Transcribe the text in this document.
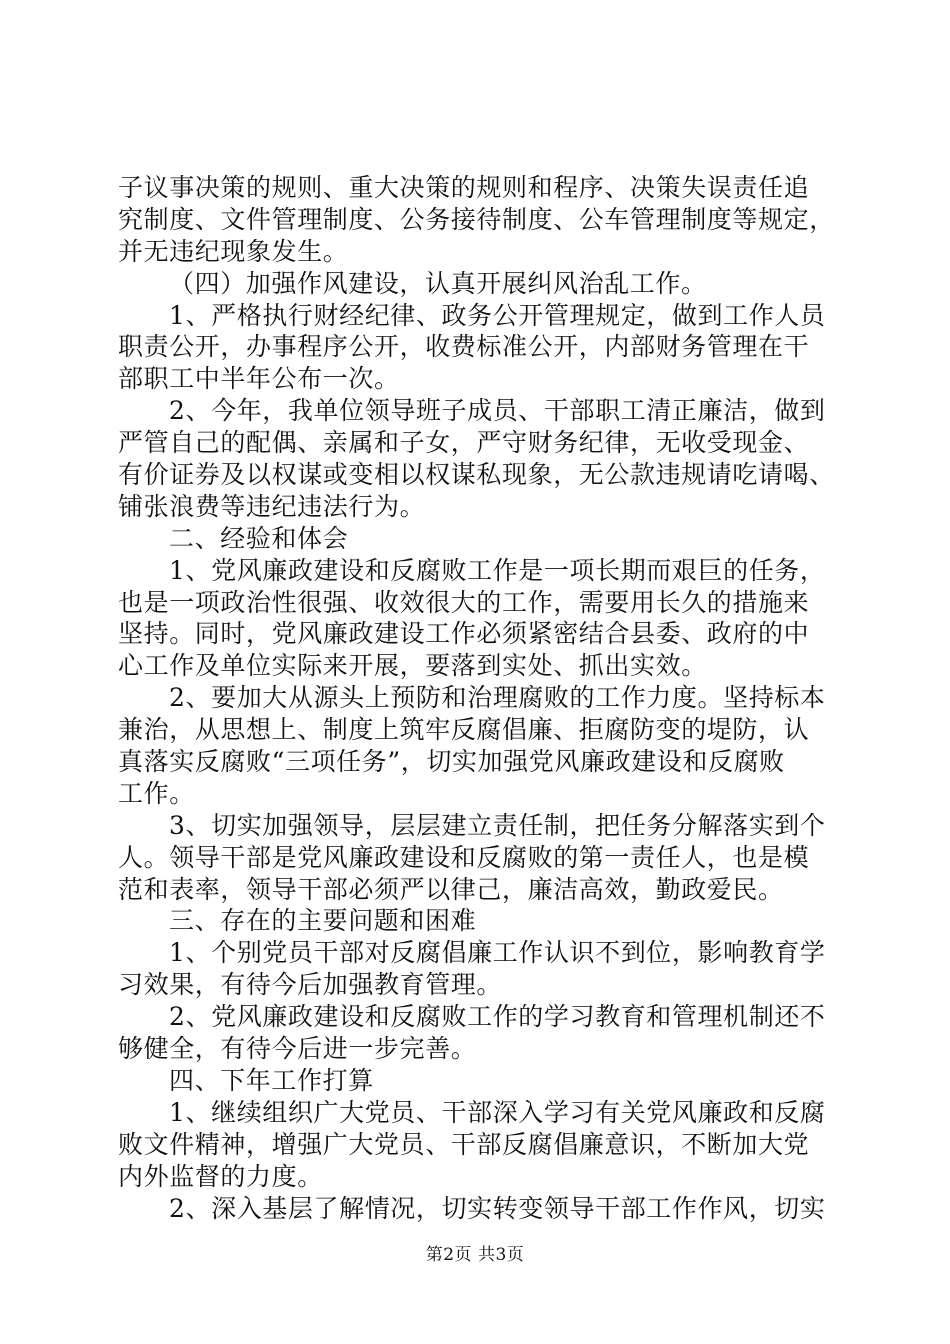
子议事决策的规则、重大决策的规则和程序、决策失误责任追
究制度、文件管理制度、公务接待制度、公车管理制度等规定，
并无违纪现象发生。
（四）加强作风建设，认真开展纠风治乱工作。
1、严格执行财经纪律、政务公开管理规定，做到工作人员
职责公开，办事程序公开，收费标准公开，内部财务管理在干
部职工中半年公布一次。
2、今年，我单位领导班子成员、干部职工清正廉洁，做到
严管自己的配偶、亲属和子女，严守财务纪律，无收受现金、
有价证券及以权谋或变相以权谋私现象，无公款违规请吃请喝、
铺张浪费等违纪违法行为。
二、经验和体会
1、党风廉政建设和反腐败工作是一项长期而艰巨的任务，
也是一项政治性很强、收效很大的工作，需要用长久的措施来
坚持。同时，党风廉政建设工作必须紧密结合县委、政府的中
心工作及单位实际来开展，要落到实处、抓出实效。
2、要加大从源头上预防和治理腐败的工作力度。坚持标本
兼治，从思想上、制度上筑牢反腐倡廉、拒腐防变的堤防，认
真落实反腐败“三项任务”，切实加强党风廉政建设和反腐败
工作。
3、切实加强领导，层层建立责任制，把任务分解落实到个
人。领导干部是党风廉政建设和反腐败的第一责任人，也是模
范和表率，领导干部必须严以律己，廉洁高效，勤政爱民。
三、存在的主要问题和困难
1、个别党员干部对反腐倡廉工作认识不到位，影响教育学
习效果，有待今后加强教育管理。
2、党风廉政建设和反腐败工作的学习教育和管理机制还不
够健全，有待今后进一步完善。
四、下年工作打算
1、继续组织广大党员、干部深入学习有关党风廉政和反腐
败文件精神，增强广大党员、干部反腐倡廉意识，不断加大党
内外监督的力度。
2、深入基层了解情况，切实转变领导干部工作作风，切实
第2页 共3页
